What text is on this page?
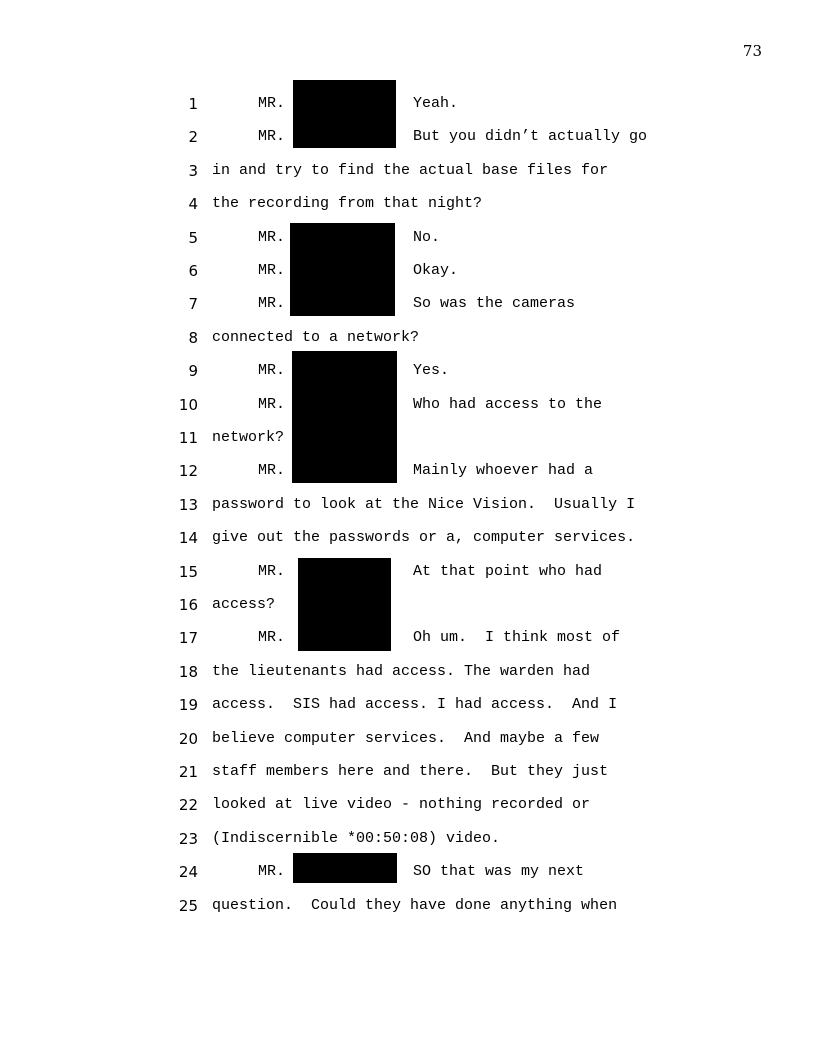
73
1	MR.	Yeah.
2	MR.	But you didn’t actually go
3 in and try to find the actual base files for
4 the recording from that night?
5	MR.	No.
6	MR.	Okay.
7	MR.	So was the cameras
8 connected to a network?
9	MR.	Yes.
10	MR.	Who had access to the
11 network?
12	MR.	Mainly whoever had a
13 password to look at the Nice Vision.  Usually I
14 give out the passwords or a, computer services.
15	MR.	At that point who had
16 access?
17	MR.	Oh um.  I think most of
18 the lieutenants had access. The warden had
19 access.  SIS had access. I had access.  And I
20 believe computer services.  And maybe a few
21 staff members here and there.  But they just
22 looked at live video - nothing recorded or
23 (Indiscernible *00:50:08) video.
24	MR.	SO that was my next
25 question.  Could they have done anything when
